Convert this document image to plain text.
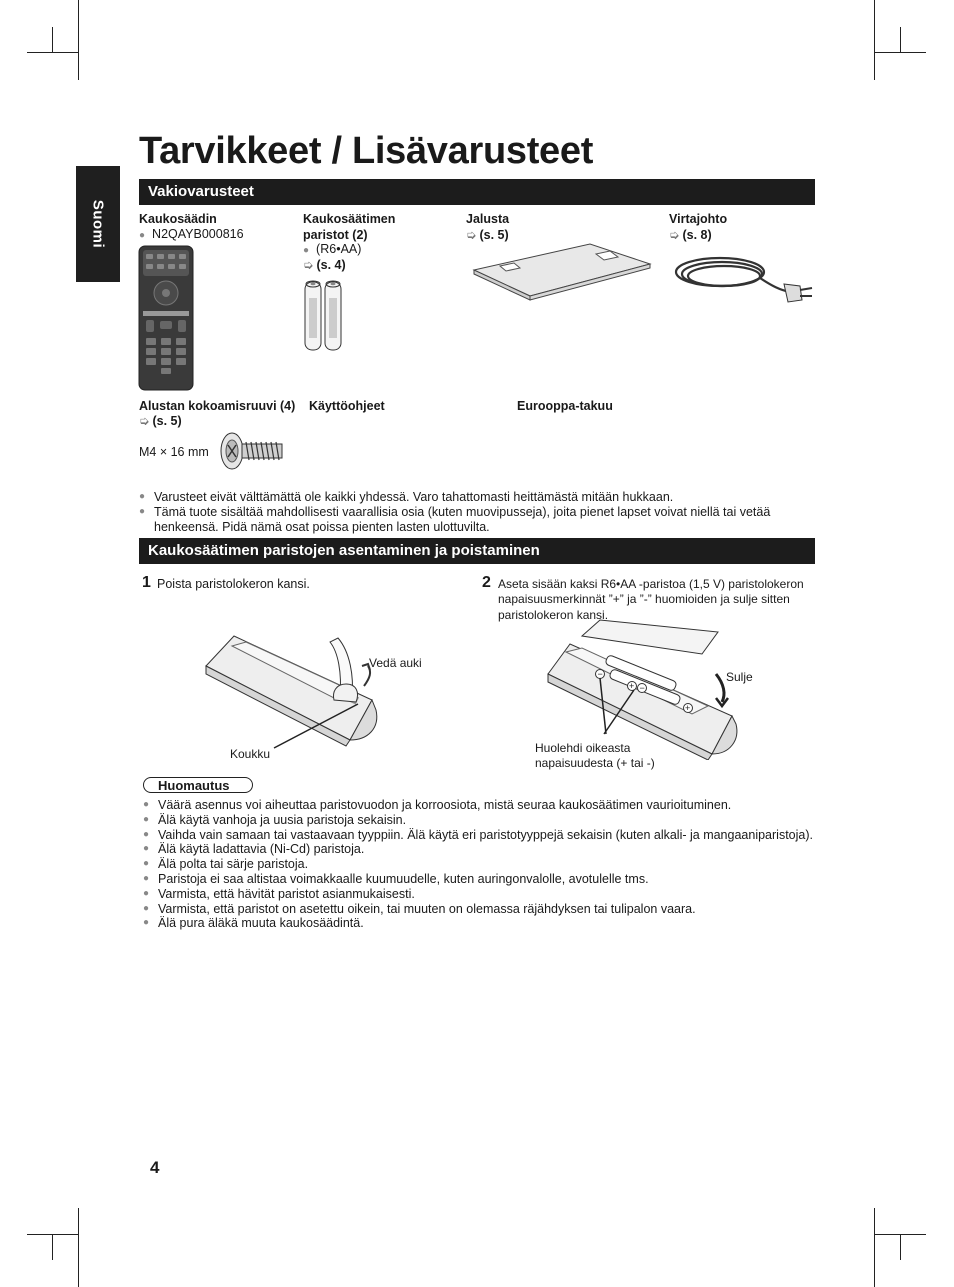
Suomi
Tarvikkeet / Lisävarusteet
Vakiovarusteet
Kaukosäädin
● N2QAYB000816
Kaukosäätimen
paristot (2)
● (R6•AA)
➭ (s. 4)
Jalusta
➭ (s. 5)
Virtajohto
➭ (s. 8)
Alustan kokoamisruuvi (4)
➭ (s. 5)
M4 × 16 mm
Käyttöohjeet	Eurooppa-takuu
● Varusteet eivät välttämättä ole kaikki yhdessä. Varo tahattomasti heittämästä mitään hukkaan.
● Tämä tuote sisältää mahdollisesti vaarallisia osia (kuten muovipusseja), joita pienet lapset voivat niellä tai vetää
henkeensä. Pidä nämä osat poissa pienten lasten ulottuvilta.
Kaukosäätimen paristojen asentaminen ja poistaminen
1 Poista paristolokeron kansi.	2 Aseta sisään kaksi R6•AA -paristoa (1,5 V) paristolokeron
napaisuusmerkinnät ”+” ja ”-” huomioiden ja sulje sitten
paristolokeron kansi.
Vedä auki
Koukku
−
+ −
+
Sulje
Huolehdi oikeasta
napaisuudesta (+ tai -)
Huomautus
● Väärä asennus voi aiheuttaa paristovuodon ja korroosiota, mistä seuraa kaukosäätimen vaurioituminen.
● Älä käytä vanhoja ja uusia paristoja sekaisin.
● Vaihda vain samaan tai vastaavaan tyyppiin. Älä käytä eri paristotyyppejä sekaisin (kuten alkali- ja mangaaniparistoja).
● Älä käytä ladattavia (Ni-Cd) paristoja.
● Älä polta tai särje paristoja.
● Paristoja ei saa altistaa voimakkaalle kuumuudelle, kuten auringonvalolle, avotulelle tms.
● Varmista, että hävität paristot asianmukaisesti.
● Varmista, että paristot on asetettu oikein, tai muuten on olemassa räjähdyksen tai tulipalon vaara.
● Älä pura äläkä muuta kaukosäädintä.
4
